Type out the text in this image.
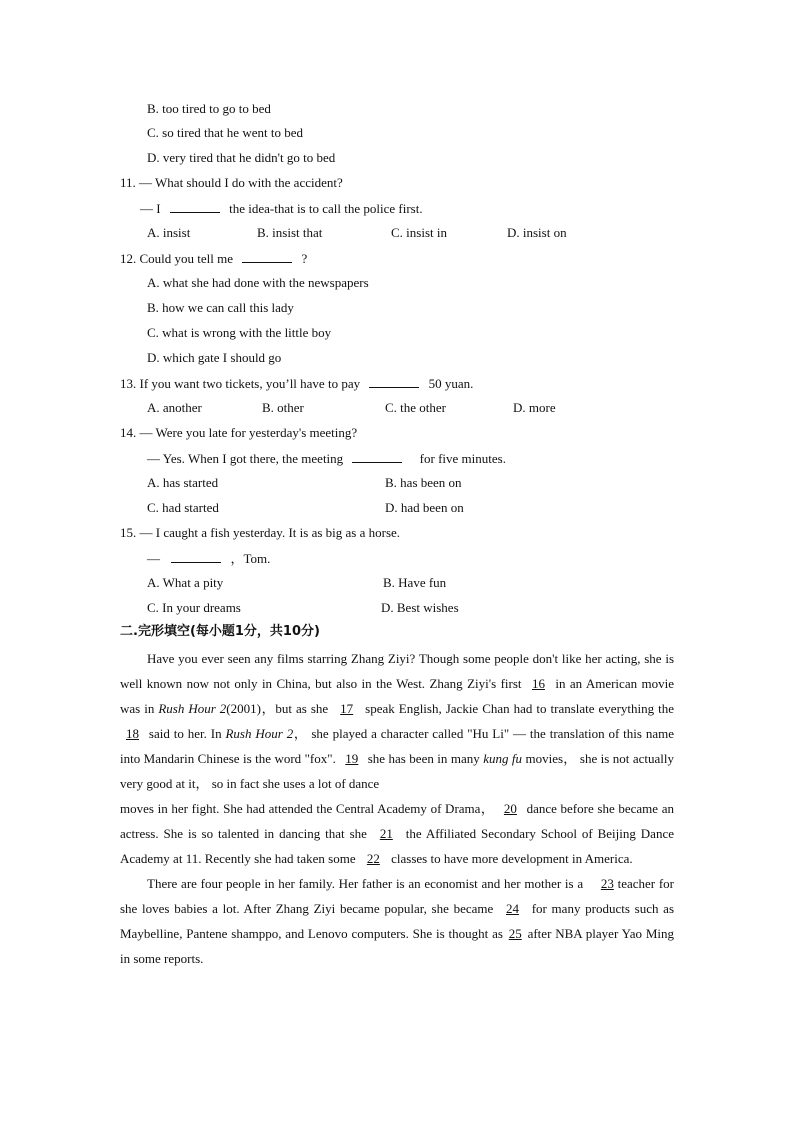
B. too tired to go to bed
C. so tired that he went to bed
D. very tired that he didn't go to bed
11. — What should I do with the accident?
— I	the idea-that is to call the police first.
A. insist	B. insist that	C. insist in	D. insist on
12. Could you tell me	?
A. what she had done with the newspapers
B. how we can call this lady
C. what is wrong with the little boy
D. which gate I should go
13. If you want two tickets, you’ll have to pay	50 yuan.
A. another	B. other	C. the other	D. more
14. — Were you late for yesterday's meeting?
— Yes. When I got there, the meeting	for five minutes.
A. has started	B. has been on
C. had started	D. had been on
15. — I caught a fish yesterday. It is as big as a horse.
—	，Tom.
A. What a pity	B. Have fun
C. In your dreams	D. Best wishes
二.完形填空(每小题1分，共10分)

Have you ever seen any films starring Zhang Ziyi? Though some people don't like her acting, she is well known now not only in China, but also in the West. Zhang Ziyi's first 16 in an American movie was in Rush Hour 2(2001)，but as she 17 speak English, Jackie Chan had to translate everything the 18 said to her. In Rush Hour 2， she played a character called "Hu Li" — the translation of this name into Mandarin Chinese is the word "fox". 19 she has been in many kung fu movies， she is not actually very good at it， so in fact she uses a lot of dance

moves in her fight. She had attended the Central Academy of Drama， 20 dance before she became an actress. She is so talented in dancing that she 21 the Affiliated Secondary School of Beijing Dance Academy at 11. Recently she had taken some 22 classes to have more development in America.

There are four people in her family. Her father is an economist and her mother is a 23 teacher for she loves babies a lot. After Zhang Ziyi became popular, she became 24 for many products such as Maybelline, Pantene shamppo, and Lenovo computers. She is thought as 25 after NBA player Yao Ming in some reports.
